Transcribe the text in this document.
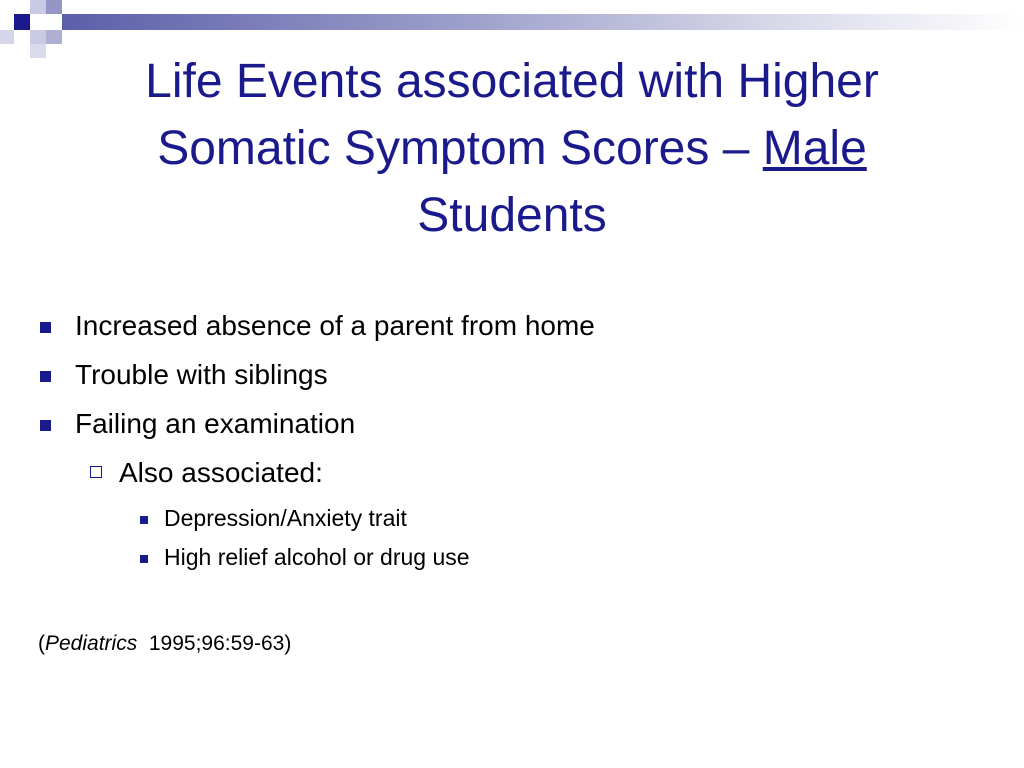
Life Events associated with Higher
Somatic Symptom Scores – Male
Students
Increased absence of a parent from home
Trouble with siblings
Failing an examination
Also associated:
Depression/Anxiety trait
High relief alcohol or drug use
(Pediatrics 1995;96:59-63)
